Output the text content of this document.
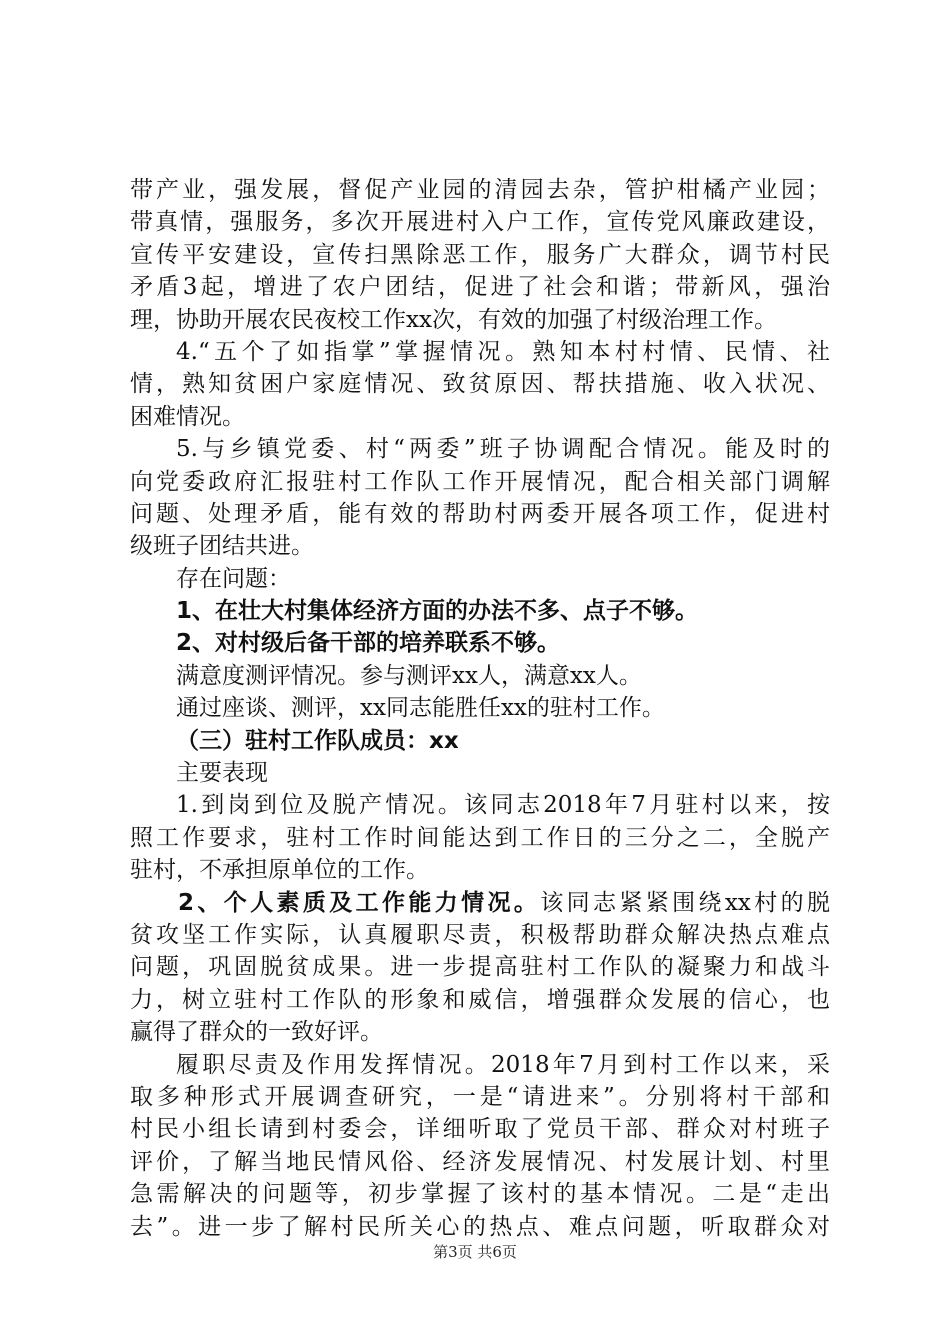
带产业，强发展，督促产业园的清园去杂，管护柑橘产业园；
带真情，强服务，多次开展进村入户工作，宣传党风廉政建设，
宣传平安建设，宣传扫黑除恶工作，服务广大群众，调节村民
矛盾3起，增进了农户团结，促进了社会和谐；带新风，强治
理，协助开展农民夜校工作xx次，有效的加强了村级治理工作。
4.“五个了如指掌”掌握情况。熟知本村村情、民情、社
情，熟知贫困户家庭情况、致贫原因、帮扶措施、收入状况、
困难情况。
5.与乡镇党委、村“两委”班子协调配合情况。能及时的
向党委政府汇报驻村工作队工作开展情况，配合相关部门调解
问题、处理矛盾，能有效的帮助村两委开展各项工作，促进村
级班子团结共进。
存在问题：
1、在壮大村集体经济方面的办法不多、点子不够。
2、对村级后备干部的培养联系不够。
满意度测评情况。参与测评xx人，满意xx人。
通过座谈、测评，xx同志能胜任xx的驻村工作。
（三）驻村工作队成员：xx
主要表现
1.到岗到位及脱产情况。该同志2018年7月驻村以来，按
照工作要求，驻村工作时间能达到工作日的三分之二，全脱产
驻村，不承担原单位的工作。
2、个人素质及工作能力情况。该同志紧紧围绕xx村的脱
贫攻坚工作实际，认真履职尽责，积极帮助群众解决热点难点
问题，巩固脱贫成果。进一步提高驻村工作队的凝聚力和战斗
力，树立驻村工作队的形象和威信，增强群众发展的信心，也
赢得了群众的一致好评。
履职尽责及作用发挥情况。2018年7月到村工作以来，采
取多种形式开展调查研究，一是“请进来”。分别将村干部和
村民小组长请到村委会，详细听取了党员干部、群众对村班子
评价，了解当地民情风俗、经济发展情况、村发展计划、村里
急需解决的问题等，初步掌握了该村的基本情况。二是“走出
去”。进一步了解村民所关心的热点、难点问题，听取群众对
第3页 共6页
